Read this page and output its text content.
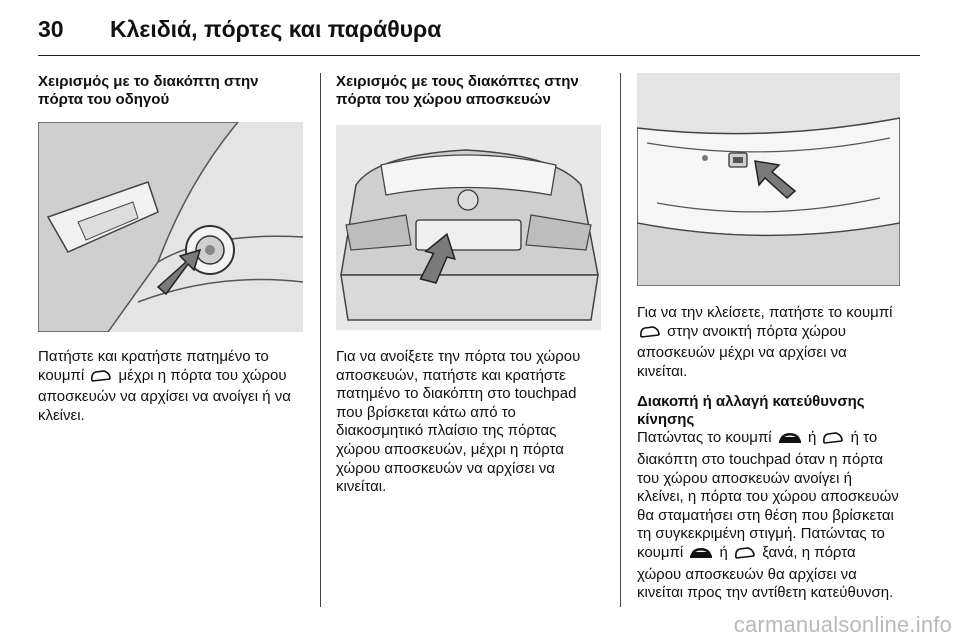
30 Κλειδιά, πόρτες και παράθυρα

Χειρισμός με το διακόπτη στην πόρτα του οδηγού

Πατήστε και κρατήστε πατημένο το κουμπί μέχρι η πόρτα του χώρου αποσκευών να αρχίσει να ανοίγει ή να κλείνει.

Χειρισμός με τους διακόπτες στην πόρτα του χώρου αποσκευών

Για να ανοίξετε την πόρτα του χώρου αποσκευών, πατήστε και κρατήστε πατημένο το διακόπτη στο touchpad που βρίσκεται κάτω από το διακοσμητικό πλαίσιο της πόρτας χώρου αποσκευών, μέχρι η πόρτα χώρου αποσκευών να αρχίσει να κινείται.

Για να την κλείσετε, πατήστε το κουμπί  στην ανοικτή πόρτα χώρου αποσκευών μέχρι να αρχίσει να κινείται.

Διακοπή ή αλλαγή κατεύθυνσης κίνησης

Πατώντας το κουμπί ή ή το διακόπτη στο touchpad όταν η πόρτα του χώρου αποσκευών ανοίγει ή κλείνει, η πόρτα του χώρου αποσκευών θα σταματήσει στη θέση που βρίσκεται τη συγκεκριμένη στιγμή. Πατώντας το κουμπί ή ξανά, η πόρτα χώρου αποσκευών θα αρχίσει να κινείται προς την αντίθετη κατεύθυνση.

carmanualsonline.info
